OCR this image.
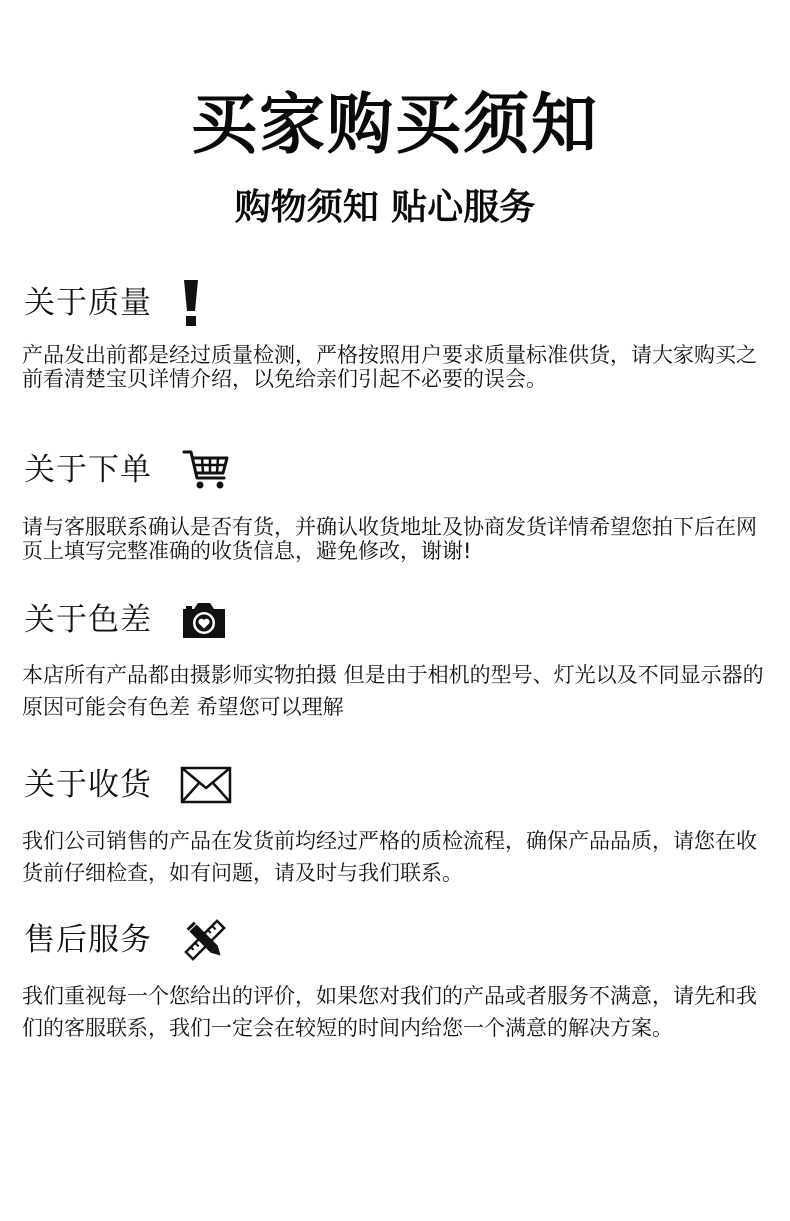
买家购买须知
购物须知 贴心服务
关于质量
产品发出前都是经过质量检测，严格按照用户要求质量标准供货，请大家购买之前看清楚宝贝详情介绍，以免给亲们引起不必要的误会。
关于下单
请与客服联系确认是否有货，并确认收货地址及协商发货详情希望您拍下后在网页上填写完整准确的收货信息，避免修改，谢谢!
关于色差
本店所有产品都由摄影师实物拍摄 但是由于相机的型号、灯光以及不同显示器的原因可能会有色差 希望您可以理解
关于收货
我们公司销售的产品在发货前均经过严格的质检流程，确保产品品质，请您在收货前仔细检查，如有问题，请及时与我们联系。
售后服务
我们重视每一个您给出的评价，如果您对我们的产品或者服务不满意，请先和我们的客服联系，我们一定会在较短的时间内给您一个满意的解决方案。
